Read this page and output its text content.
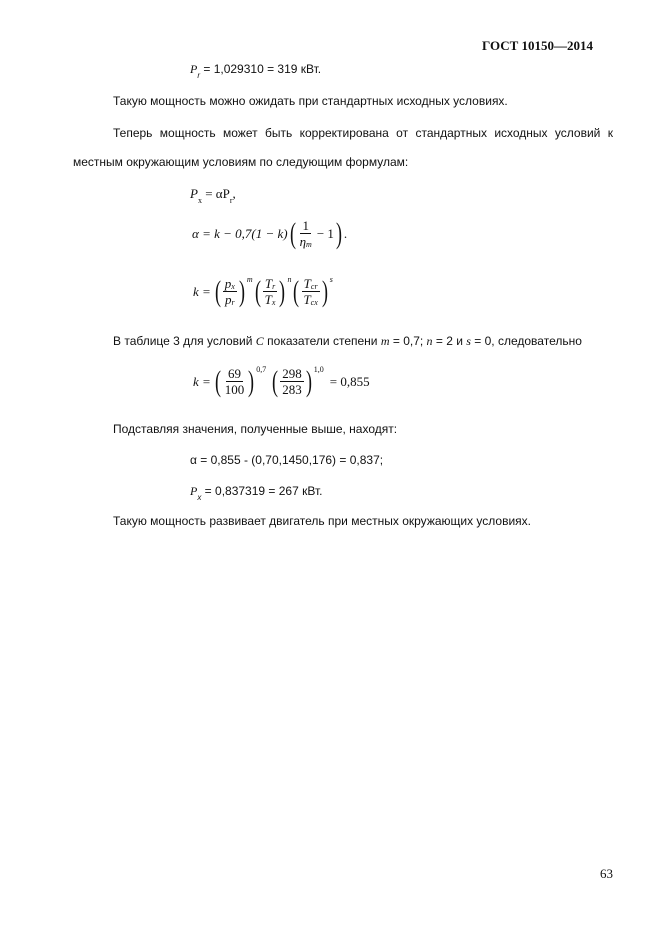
ГОСТ 10150—2014
$P_r = 1,029310 = 319$ кВт.
Такую мощность можно ожидать при стандартных исходных условиях.
Теперь мощность может быть корректирована от стандартных исходных условий к
местным окружающим условиям по следующим формулам:
$P_x = \alpha P_r$,
α = k − 0,7(1 − k) ( $\frac{1}{\eta_m} - 1$ ) .
k = ( $\frac{p_x}{p_r}$ ) m ( $\frac{T_r}{T_x}$ ) n ( $\frac{T_{cr}}{T_{cx}}$ ) s
В таблице 3 для условий C показатели степени m = 0,7; n = 2 и s = 0, следовательно
k = ( $\frac{69}{100}$ ) 0,7 ( $\frac{298}{283}$ ) 1,0
= 0,855
Подставляя значения, полученные выше, находят:
α = 0,855 - (0,70,1450,176) = 0,837;
$P_x = 0,837319 = 267$ кВт.
Такую мощность развивает двигатель при местных окружающих условиях.
63
